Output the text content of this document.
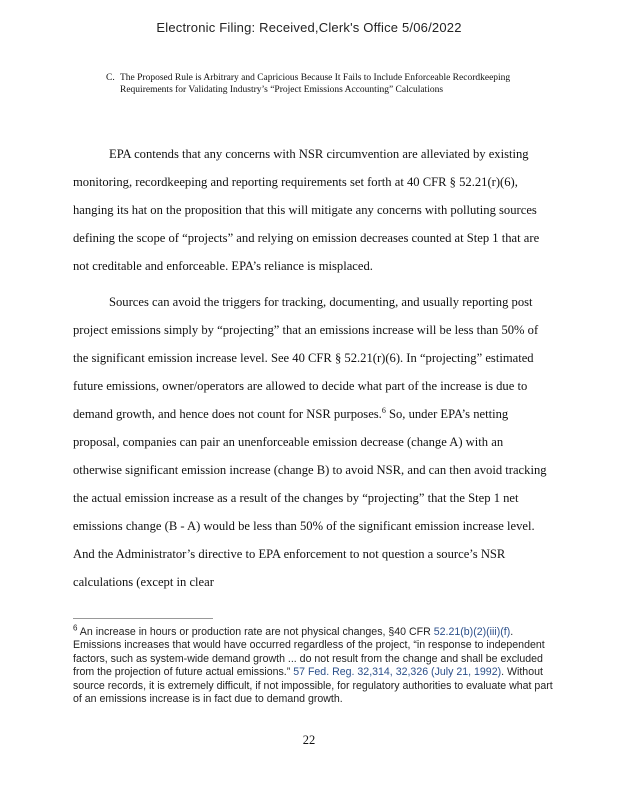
Electronic Filing: Received,Clerk's Office 5/06/2022
C. The Proposed Rule is Arbitrary and Capricious Because It Fails to Include Enforceable Recordkeeping Requirements for Validating Industry’s “Project Emissions Accounting” Calculations

EPA contends that any concerns with NSR circumvention are alleviated by existing monitoring, recordkeeping and reporting requirements set forth at 40 CFR § 52.21(r)(6), hanging its hat on the proposition that this will mitigate any concerns with polluting sources defining the scope of “projects” and relying on emission decreases counted at Step 1 that are not creditable and enforceable. EPA’s reliance is misplaced.

Sources can avoid the triggers for tracking, documenting, and usually reporting post project emissions simply by “projecting” that an emissions increase will be less than 50% of the significant emission increase level. See 40 CFR § 52.21(r)(6). In “projecting” estimated future emissions, owner/operators are allowed to decide what part of the increase is due to demand growth, and hence does not count for NSR purposes.$^6$ So, under EPA’s netting proposal, companies can pair an unenforceable emission decrease (change A) with an otherwise significant emission increase (change B) to avoid NSR, and can then avoid tracking the actual emission increase as a result of the changes by “projecting” that the Step 1 net emissions change (B - A) would be less than 50% of the significant emission increase level. And the Administrator’s directive to EPA enforcement to not question a source’s NSR calculations (except in clear

$^6$ An increase in hours or production rate are not physical changes, §40 CFR 52.21(b)(2)(iii)(f). Emissions increases that would have occurred regardless of the project, “in response to independent factors, such as system-wide demand growth ... do not result from the change and shall be excluded from the projection of future actual emissions.” 57 Fed. Reg. 32,314, 32,326 (July 21, 1992). Without source records, it is extremely difficult, if not impossible, for regulatory authorities to evaluate what part of an emissions increase is in fact due to demand growth.
22
